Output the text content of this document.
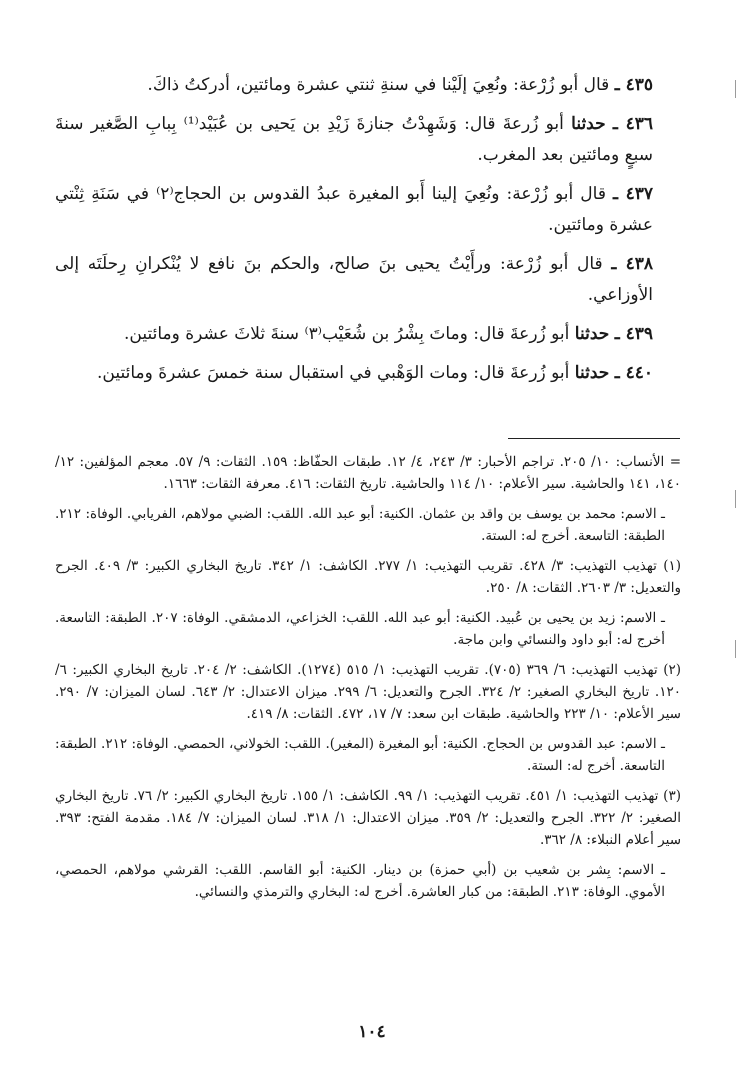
٤٣٥ ـ قال أبو زُرْعة: ونُعِيَ إلَيْنا في سنةِ ثنتي عشرة ومائتين، أدركتُ ذاكَ.

٤٣٦ ـ حدثنا أبو زُرعةَ قال: وَشَهِدْتُ جنازةَ زَيْدِ بن يَحيى بن عُبَيْد⁽¹⁾ بِبابِ الصَّغير سنةَ سبعٍ ومائتين بعد المغرب.

٤٣٧ ـ قال أبو زُرْعة: ونُعِيَ إلينا أَبو المغيرة عبدُ القدوس بن الحجاج⁽٢⁾ في سَنَةِ ثِنْتي عشرة ومائتين.

٤٣٨ ـ قال أبو زُرْعة: ورأَيْتُ يحيى بنَ صالح، والحكم بنَ نافع لا يُنْكرانِ رِحلَتَه إلى الأوزاعي.

٤٣٩ ـ حدثنا أبو زُرعةَ قال: وماتَ بِشْرُ بن شُعَيْب⁽٣⁾ سنةَ ثلاثَ عشرة ومائتين.

٤٤٠ ـ حدثنا أبو زُرعةَ قال: ومات الوَهْبي في استقبال سنة خمسَ عشرةَ ومائتين.

= الأنساب: ١٠/ ٢٠٥. تراجم الأحبار: ٣/ ٢٤٣، ٤/ ١٢. طبقات الحفّاظ: ١٥٩. الثقات: ٩/ ٥٧. معجم المؤلفين: ١٢/ ١٤٠، ١٤١ والحاشية. سير الأعلام: ١٠/ ١١٤ والحاشية. تاريخ الثقات: ٤١٦. معرفة الثقات: ١٦٦٣.

ـ الاسم: محمد بن يوسف بن واقد بن عثمان. الكنية: أبو عبد الله. اللقب: الضبي مولاهم، الفريابي. الوفاة: ٢١٢. الطبقة: التاسعة. أخرج له: الستة.

(١) تهذيب التهذيب: ٣/ ٤٢٨. تقريب التهذيب: ١/ ٢٧٧. الكاشف: ١/ ٣٤٢. تاريخ البخاري الكبير: ٣/ ٤٠٩. الجرح والتعديل: ٣/ ٢٦٠٣. الثقات: ٨/ ٢٥٠.

ـ الاسم: زيد بن يحيى بن عُبيد. الكنية: أبو عبد الله. اللقب: الخزاعي، الدمشقي. الوفاة: ٢٠٧. الطبقة: التاسعة. أخرج له: أبو داود والنسائي وابن ماجة.

(٢) تهذيب التهذيب: ٦/ ٣٦٩ (٧٠٥). تقريب التهذيب: ١/ ٥١٥ (١٢٧٤). الكاشف: ٢/ ٢٠٤. تاريخ البخاري الكبير: ٦/ ١٢٠. تاريخ البخاري الصغير: ٢/ ٣٢٤. الجرح والتعديل: ٦/ ٢٩٩. ميزان الاعتدال: ٢/ ٦٤٣. لسان الميزان: ٧/ ٢٩٠. سير الأعلام: ١٠/ ٢٢٣ والحاشية. طبقات ابن سعد: ٧/ ١٧، ٤٧٢. الثقات: ٨/ ٤١٩.

ـ الاسم: عبد القدوس بن الحجاج. الكنية: أبو المغيرة (المغير). اللقب: الخولاني، الحمصي. الوفاة: ٢١٢. الطبقة: التاسعة. أخرج له: الستة.

(٣) تهذيب التهذيب: ١/ ٤٥١. تقريب التهذيب: ١/ ٩٩. الكاشف: ١/ ١٥٥. تاريخ البخاري الكبير: ٢/ ٧٦. تاريخ البخاري الصغير: ٢/ ٣٢٢. الجرح والتعديل: ٢/ ٣٥٩. ميزان الاعتدال: ١/ ٣١٨. لسان الميزان: ٧/ ١٨٤. مقدمة الفتح: ٣٩٣. سير أعلام النبلاء: ٨/ ٣٦٢.

ـ الاسم: بِشر بن شعيب بن (أبي حمزة) بن دينار. الكنية: أبو القاسم. اللقب: القرشي مولاهم، الحمصي، الأموي. الوفاة: ٢١٣. الطبقة: من كبار العاشرة. أخرج له: البخاري والترمذي والنسائي.

١٠٤
